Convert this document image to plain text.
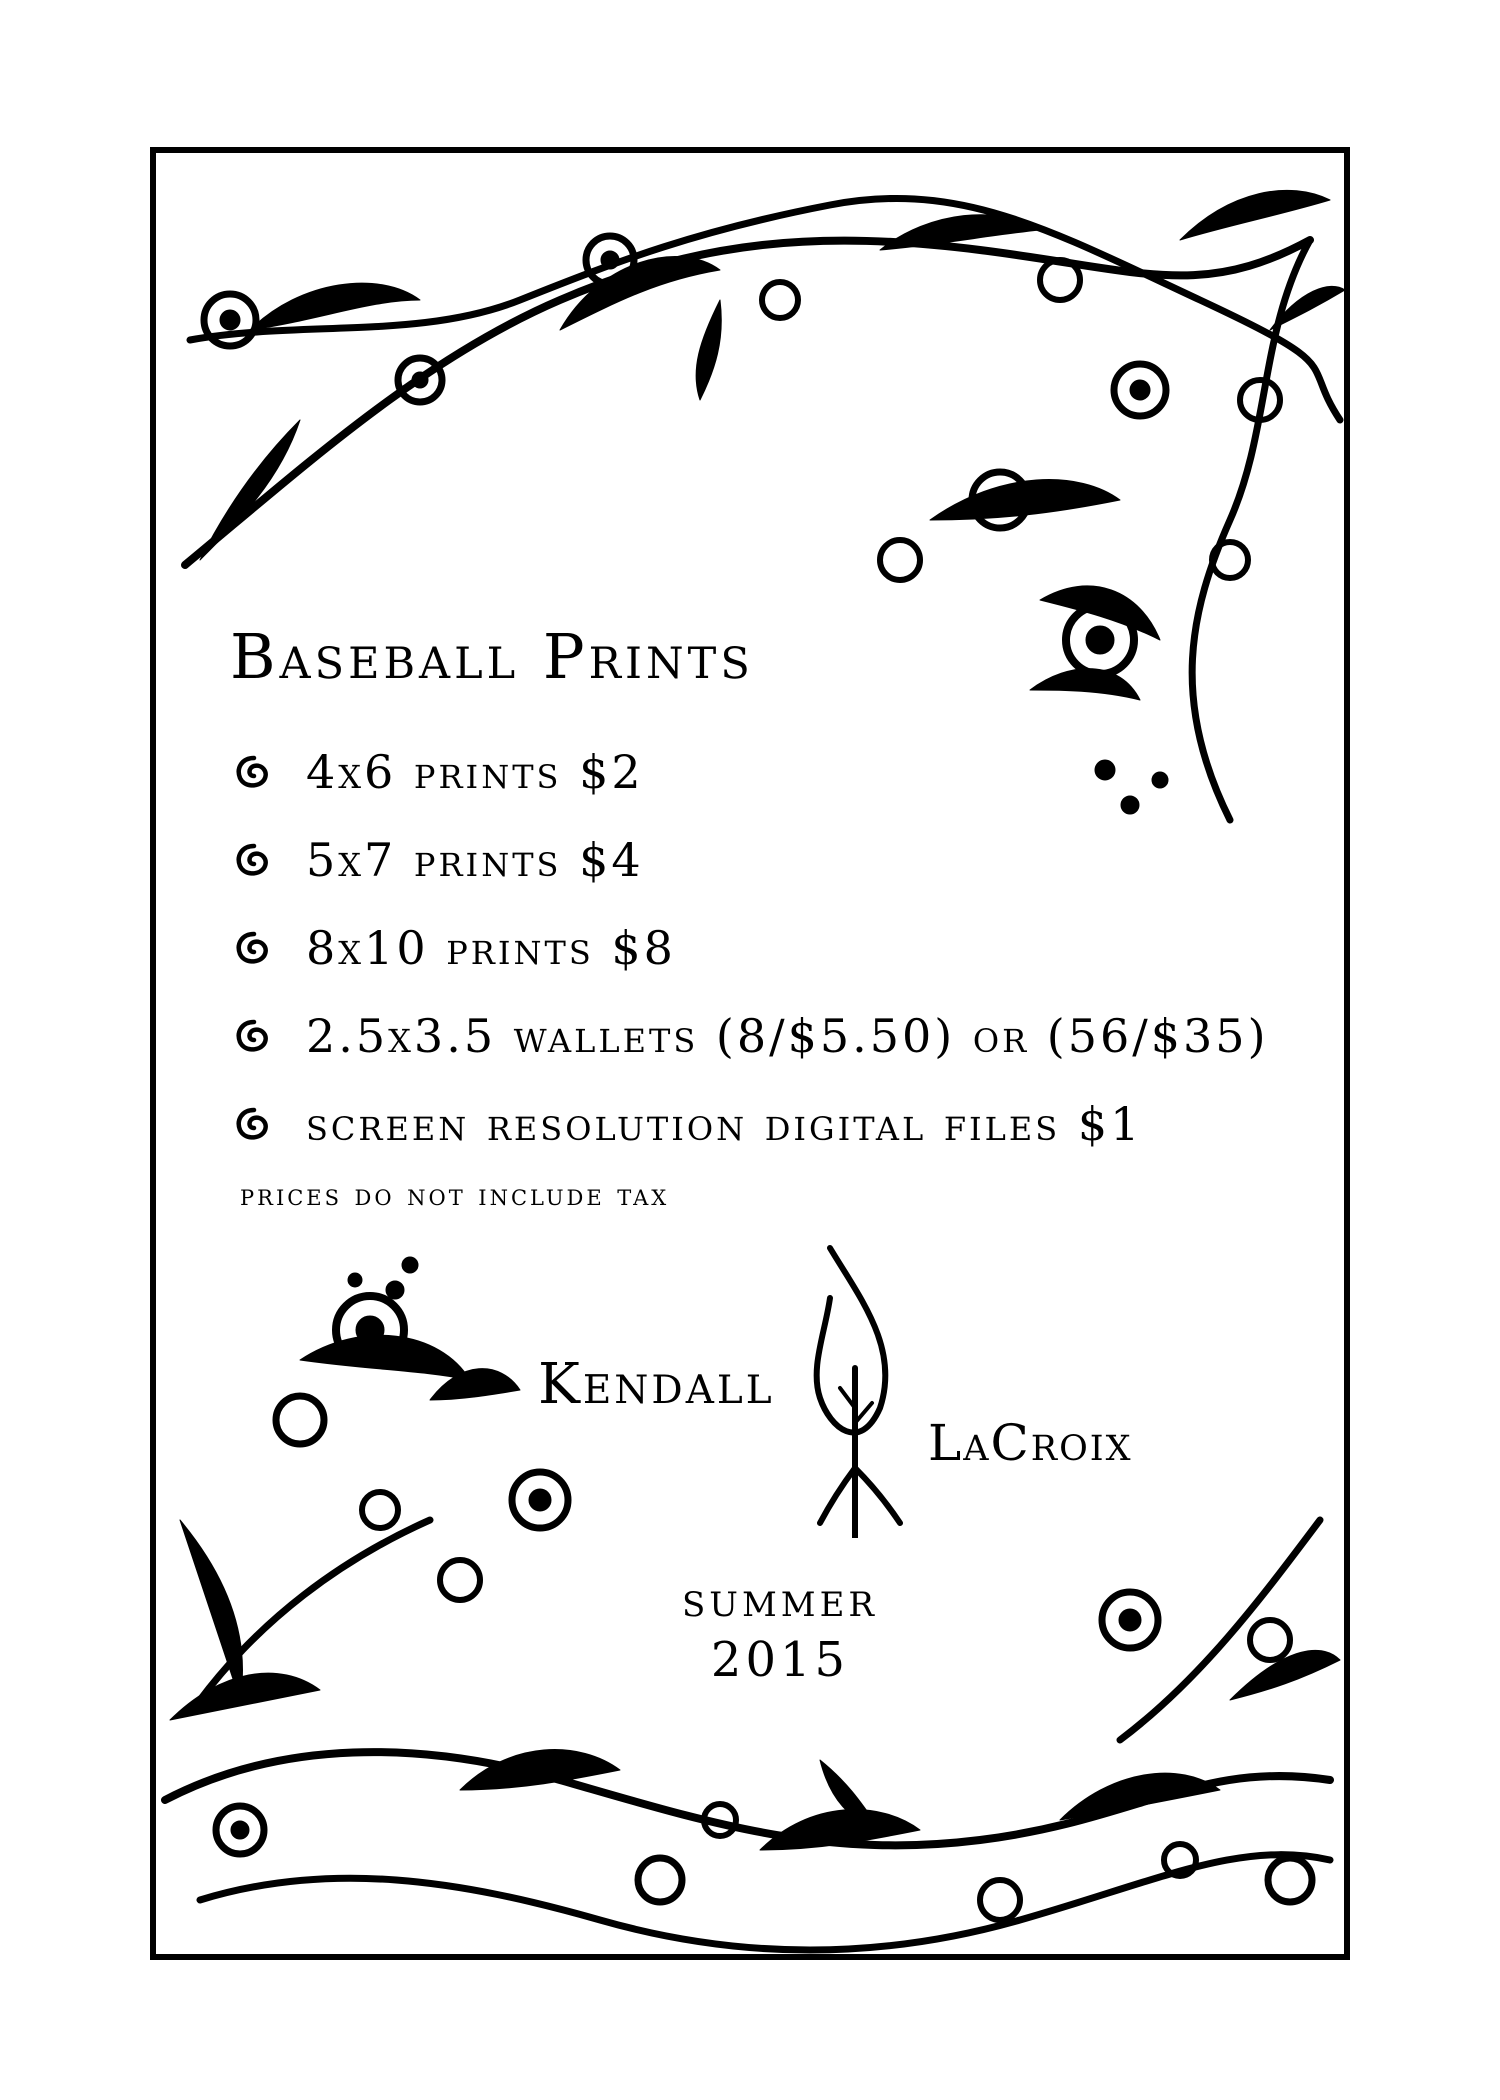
Baseball Prints
4x6 prints $2
5x7 prints $4
8x10 prints $8
2.5x3.5 wallets (8/$5.50) or (56/$35)
screen resolution digital files $1
prices do not include tax
Kendall
LaCroix
summer
2015
